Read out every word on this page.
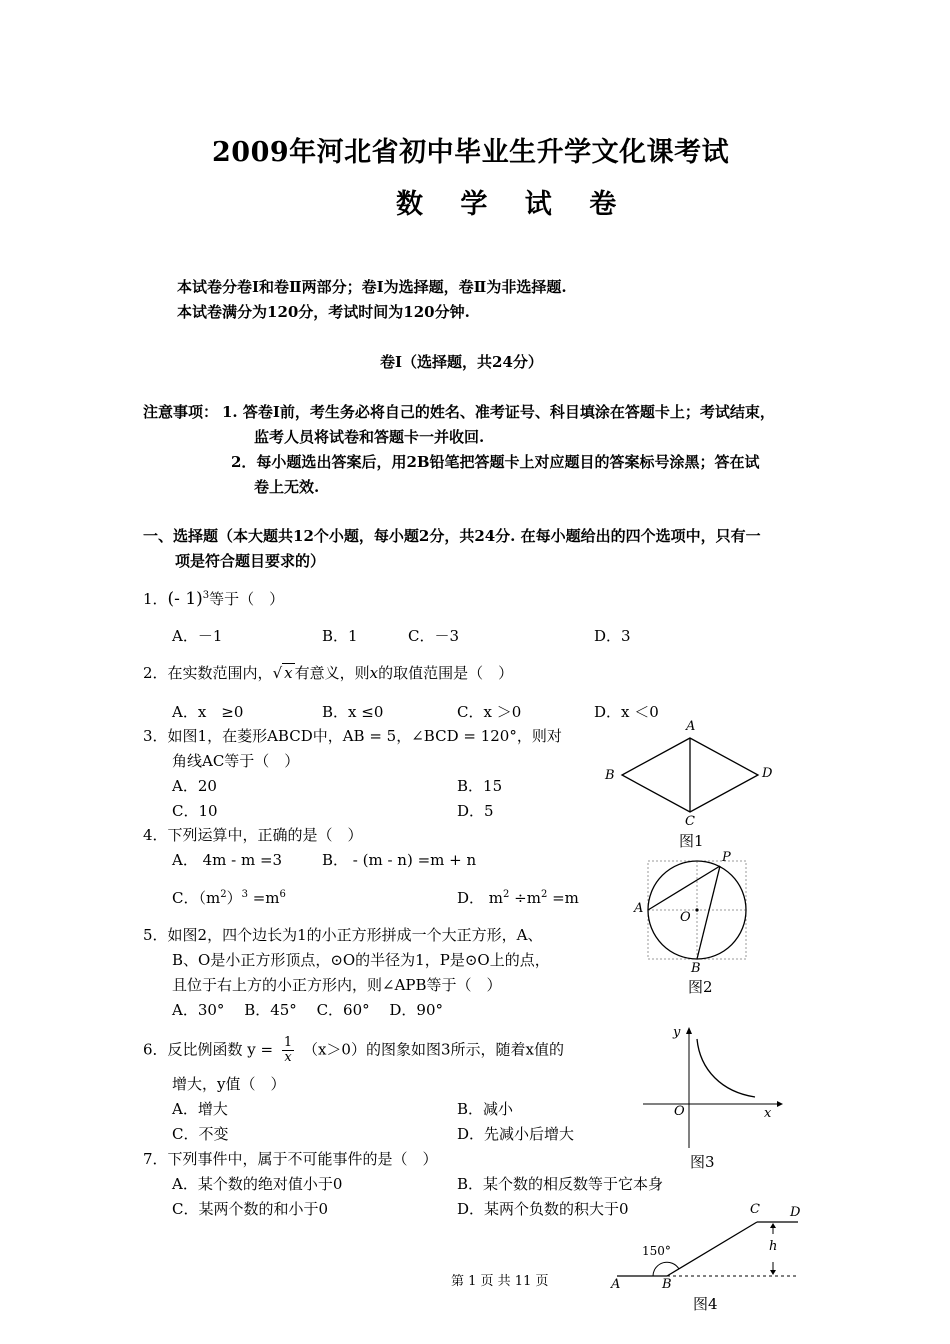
2009年河北省初中毕业生升学文化课考试
数 学 试 卷
本试卷分卷Ⅰ和卷Ⅱ两部分；卷Ⅰ为选择题，卷Ⅱ为非选择题.
本试卷满分为120分，考试时间为120分钟.
卷Ⅰ（选择题，共24分）
注意事项： 1. 答卷Ⅰ前，考生务必将自己的姓名、准考证号、科目填涂在答题卡上；考试结束，
监考人员将试卷和答题卡一并收回.
2．每小题选出答案后，用2B铅笔把答题卡上对应题目的答案标号涂黑；答在试
卷上无效.
一、选择题（本大题共12个小题，每小题2分，共24分. 在每小题给出的四个选项中，只有一
项是符合题目要求的）
1．(- 1)$^3$等于（　）
A．－1	B．1	C．－3	D．3
2．在实数范围内，√ x 有意义，则x的取值范围是（　）
A．x　≥0	B．x ≤0	C．x ＞0	D．x ＜0
3．如图1，在菱形ABCD中，AB = 5，∠BCD = 120°，则对
角线AC等于（　）
A．20	B．15
C．10	D．5
4．下列运算中，正确的是（　）
A． 4m - m =3	B． - (m - n) =m + n
C．$(m^2)^3 =m^6$	D． $m^2 \div m^2 =m$
5．如图2，四个边长为1的小正方形拼成一个大正方形，A、
B、O是小正方形顶点，⊙O的半径为1，P是⊙O上的点，
且位于右上方的小正方形内，则∠APB等于（　）
A．30°　 B．45°　 C．60°　 D．90°
6．反比例函数 $y = \frac{1}{x} (x>0)$的图象如图3所示，随着x值的
增大，y值（　）
A．增大	B．减小
C．不变	D．先减小后增大
7．下列事件中，属于不可能事件的是（　）
A．某个数的绝对值小于0	B．某个数的相反数等于它本身
C．某两个数的和小于0	D．某两个负数的积大于0
A
B
C
D
图1
A
O
P
B
图2
y
x
O
图3
A	B
C D
h
150°
图4
第 1 页 共 11 页
